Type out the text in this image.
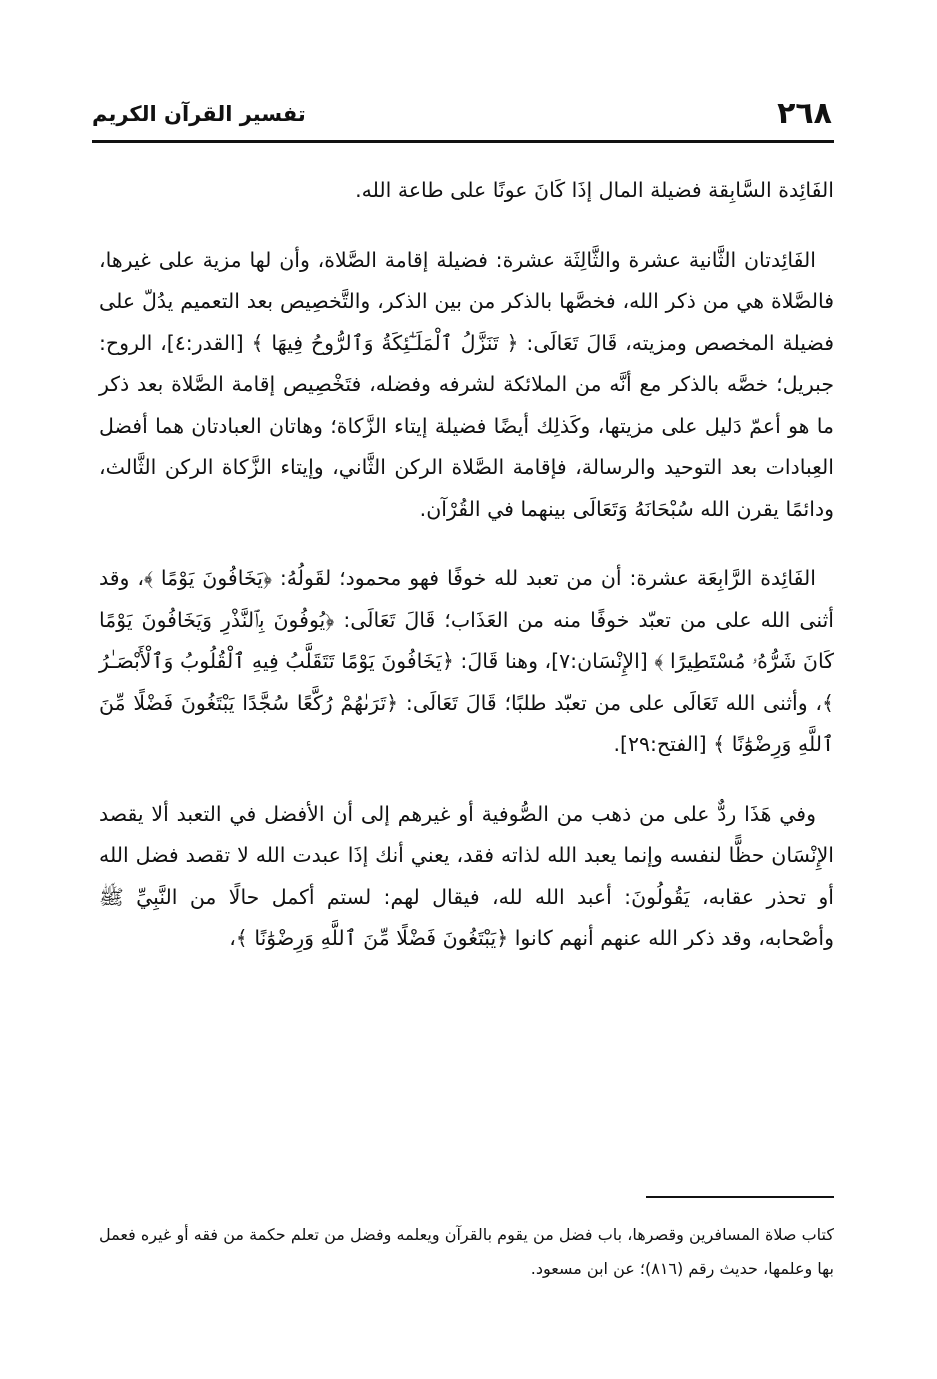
٢٦٨
تفسير القرآن الكريم

الفَائِدة السَّابِقة فضيلة المال إذَا كَانَ عونًا على طاعة الله.

الفَائِدتان الثَّانية عشرة والثَّالِثَة عشرة: فضيلة إقامة الصَّلاة، وأن لها مزية على غيرها، فالصَّلاة هي من ذكر الله، فخصَّها بالذكر من بين الذكر، والتَّخصِيص بعد التعميم يدُلّ على فضيلة المخصص ومزيته، قَالَ تَعَالَى: ﴿ تَنَزَّلُ ٱلْمَلَـٰٓئِكَةُ وَٱلرُّوحُ فِيهَا ﴾ [القدر:٤]، الروح: جبريل؛ خصَّه بالذكر مع أنَّه من الملائكة لشرفه وفضله، فتَخْصِيص إقامة الصَّلاة بعد ذكر ما هو أعمّ دَليل على مزيتها، وكَذلِك أيضًا فضيلة إيتاء الزَّكاة؛ وهاتان العبادتان هما أفضل العِبادات بعد التوحيد والرسالة، فإقامة الصَّلاة الركن الثَّاني، وإيتاء الزَّكاة الركن الثَّالث، ودائمًا يقرن الله سُبْحَانَهُ وَتَعَالَى بينهما في القُرْآن.

الفَائِدة الرَّابِعَة عشرة: أن من تعبد لله خوفًا فهو محمود؛ لقَولُهُ: ﴿يَخَافُونَ يَوْمًا ﴾، وقد أثنى الله على من تعبّد خوفًا منه من العَذَاب؛ قَالَ تَعَالَى: ﴿يُوفُونَ بِٱلنَّذْرِ وَيَخَافُونَ يَوْمًا كَانَ شَرُّهُۥ مُسْتَطِيرًا ﴾ [الإِنْسَان:٧]، وهنا قَالَ: ﴿يَخَافُونَ يَوْمًا تَتَقَلَّبُ فِيهِ ٱلْقُلُوبُ وَٱلْأَبْصَـٰرُ ﴾، وأثنى الله تَعَالَى على من تعبّد طلبًا؛ قَالَ تَعَالَى: ﴿تَرَىٰهُمْ رُكَّعًا سُجَّدًا يَبْتَغُونَ فَضْلًا مِّنَ ٱللَّهِ وَرِضْوَٰنًا ﴾ [الفتح:٢٩].

وفي هَذَا ردٌّ على من ذهب من الصُّوفية أو غيرهم إلى أن الأفضل في التعبد ألا يقصد الإِنْسَان حظًّا لنفسه وإنما يعبد الله لذاته فقد، يعني أنك إذَا عبدت الله لا تقصد فضل الله أو تحذر عقابه، يَقُولُونَ: أعبد الله لله، فيقال لهم: لستم أكمل حالًا من النَّبِيِّ ﷺ وأصْحابه، وقد ذكر الله عنهم أنهم كانوا ﴿يَبْتَغُونَ فَضْلًا مِّنَ ٱللَّهِ وَرِضْوَٰنًا ﴾،

كتاب صلاة المسافرين وقصرها، باب فضل من يقوم بالقرآن ويعلمه وفضل من تعلم حكمة من فقه أو غيره فعمل بها وعلمها، حديث رقم (٨١٦)؛ عن ابن مسعود.
